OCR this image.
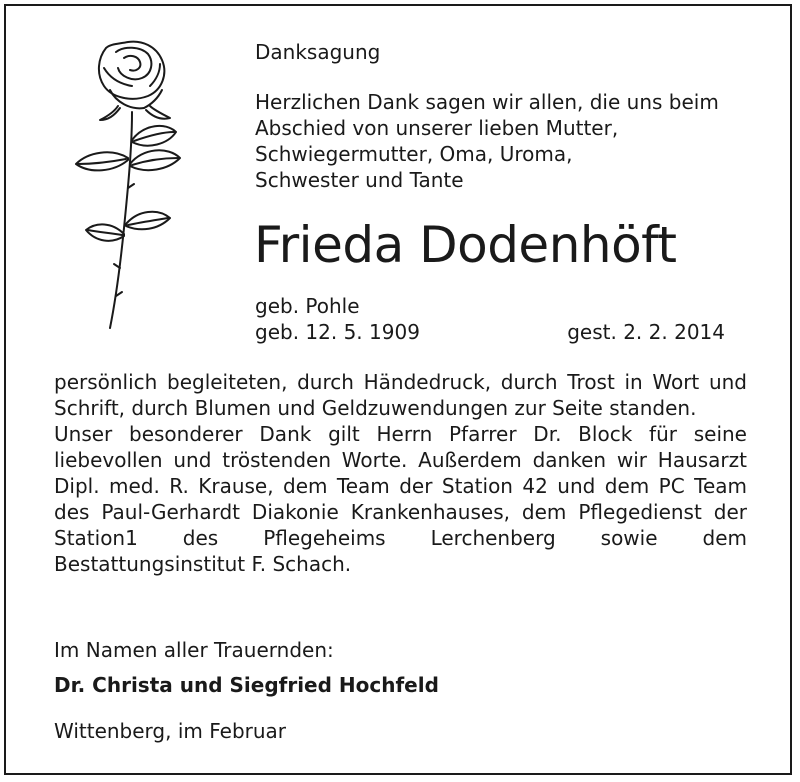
Danksagung
Herzlichen Dank sagen wir allen, die uns beim
Abschied von unserer lieben Mutter,
Schwiegermutter, Oma, Uroma,
Schwester und Tante
Frieda Dodenhöft
geb. Pohle
geb. 12. 5. 1909	gest. 2. 2. 2014

persönlich begleiteten, durch Händedruck, durch Trost in Wort und Schrift, durch Blumen und Geldzuwendungen zur Seite standen.

Unser besonderer Dank gilt Herrn Pfarrer Dr. Block für seine liebevollen und tröstenden Worte. Außerdem danken wir Hausarzt Dipl. med. R. Krause, dem Team der Station 42 und dem PC Team des Paul-Gerhardt Diakonie Krankenhauses, dem Pflegedienst der Station1 des Pflegeheims Lerchenberg sowie dem Bestattungsinstitut F. Schach.

Im Namen aller Trauernden:
Dr. Christa und Siegfried Hochfeld
Wittenberg, im Februar
